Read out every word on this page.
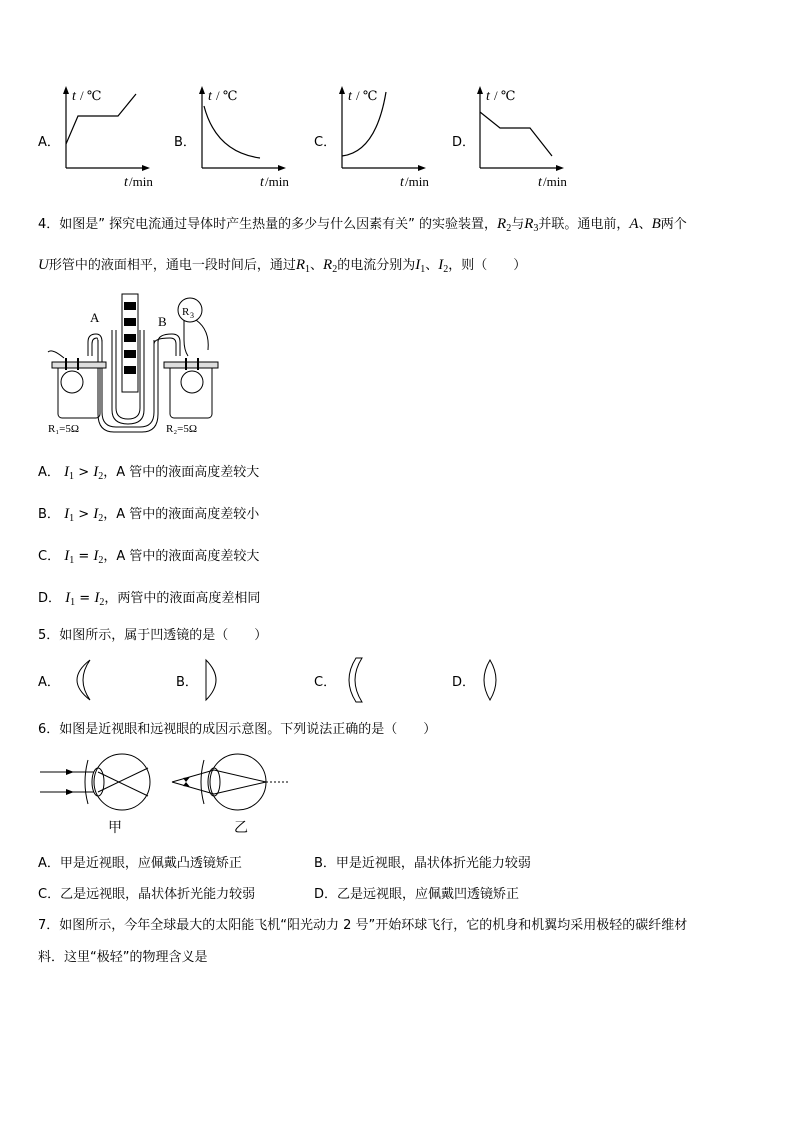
A．
t / ℃
t /min
B．
t / ℃
t /min
C．
t / ℃
t /min
D．
t / ℃
t /min
4．如图是” 探究电流通过导体时产生热量的多少与什么因素有关” 的实验装置，$R_2$与$R_3$并联。通电前，A、B两个
U形管中的液面相平，通电一段时间后，通过$R_1$、$R_2$的电流分别为$I_1$、$I_2$，则（　　）
R 3
A	B
R₁=5Ω	R₂=5Ω
A． $I_1 > I_2$，A 管中的液面高度差较大
B． $I_1 > I_2$，A 管中的液面高度差较小
C． $I_1 = I_2$，A 管中的液面高度差较大
D． $I_1 = I_2$，两管中的液面高度差相同
5．如图所示，属于凹透镜的是（　　）
A．	B．	C．	D．
6．如图是近视眼和远视眼的成因示意图。下列说法正确的是（　　）
甲	乙
A．甲是近视眼，应佩戴凸透镜矫正	B．甲是近视眼，晶状体折光能力较弱
C．乙是远视眼，晶状体折光能力较弱	D．乙是远视眼，应佩戴凹透镜矫正
7．如图所示，今年全球最大的太阳能飞机“阳光动力 2 号”开始环球飞行，它的机身和机翼均采用极轻的碳纤维材
料．这里“极轻”的物理含义是
